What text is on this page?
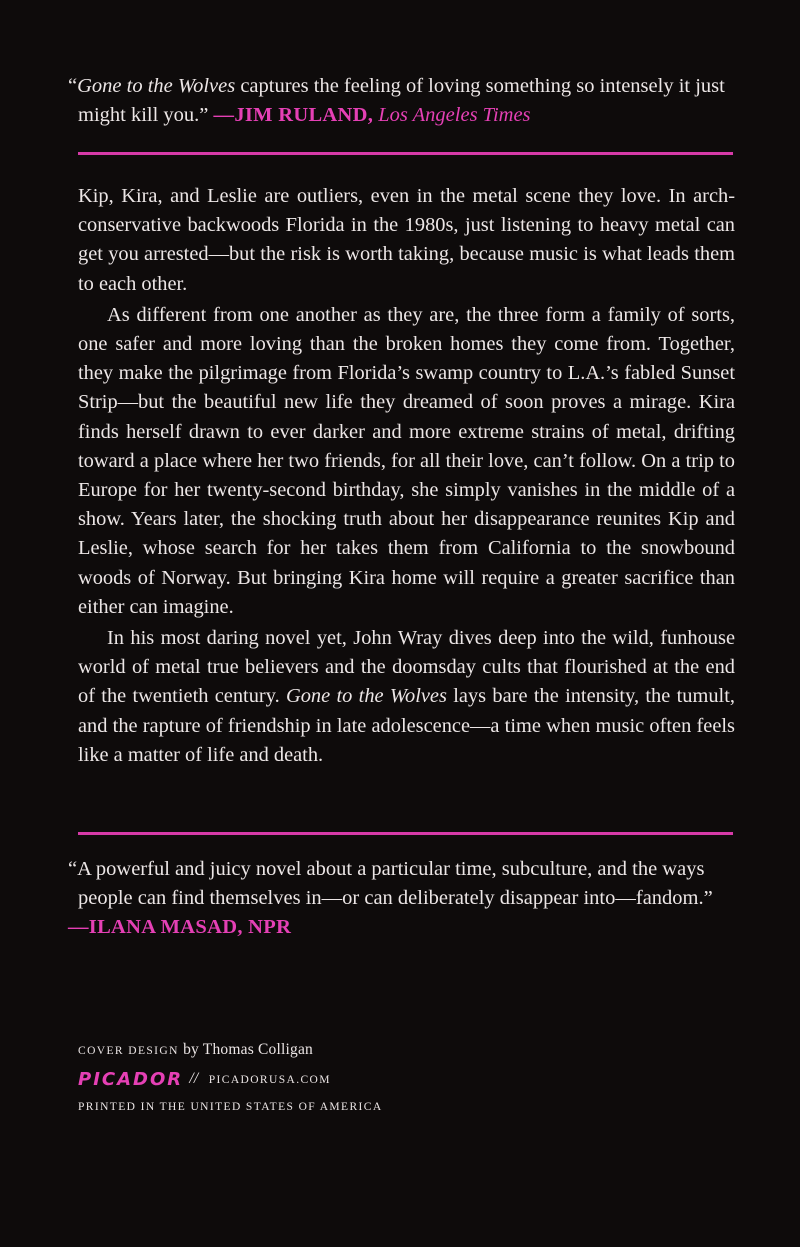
“Gone to the Wolves captures the feeling of loving something so intensely it just
might kill you.” —JIM RULAND, Los Angeles Times

Kip, Kira, and Leslie are outliers, even in the metal scene they love. In arch-conservative backwoods Florida in the 1980s, just listening to heavy metal can get you arrested—but the risk is worth taking, because music is what leads them to each other.

As different from one another as they are, the three form a family of sorts, one safer and more loving than the broken homes they come from. Together, they make the pilgrimage from Florida’s swamp country to L.A.’s fabled Sunset Strip—but the beautiful new life they dreamed of soon proves a mirage. Kira finds herself drawn to ever darker and more extreme strains of metal, drifting toward a place where her two friends, for all their love, can’t follow. On a trip to Europe for her twenty-second birthday, she simply vanishes in the middle of a show. Years later, the shocking truth about her disappearance reunites Kip and Leslie, whose search for her takes them from California to the snowbound woods of Norway. But bringing Kira home will require a greater sacrifice than either can imagine.

In his most daring novel yet, John Wray dives deep into the wild, funhouse world of metal true believers and the doomsday cults that flourished at the end of the twentieth century. Gone to the Wolves lays bare the intensity, the tumult, and the rapture of friendship in late adolescence—a time when music often feels like a matter of life and death.

“A powerful and juicy novel about a particular time, subculture, and the ways
people can find themselves in—or can deliberately disappear into—fandom.”
—ILANA MASAD, NPR
COVER DESIGN by Thomas Colligan
PICADOR // PICADORUSA.COM
PRINTED IN THE UNITED STATES OF AMERICA
